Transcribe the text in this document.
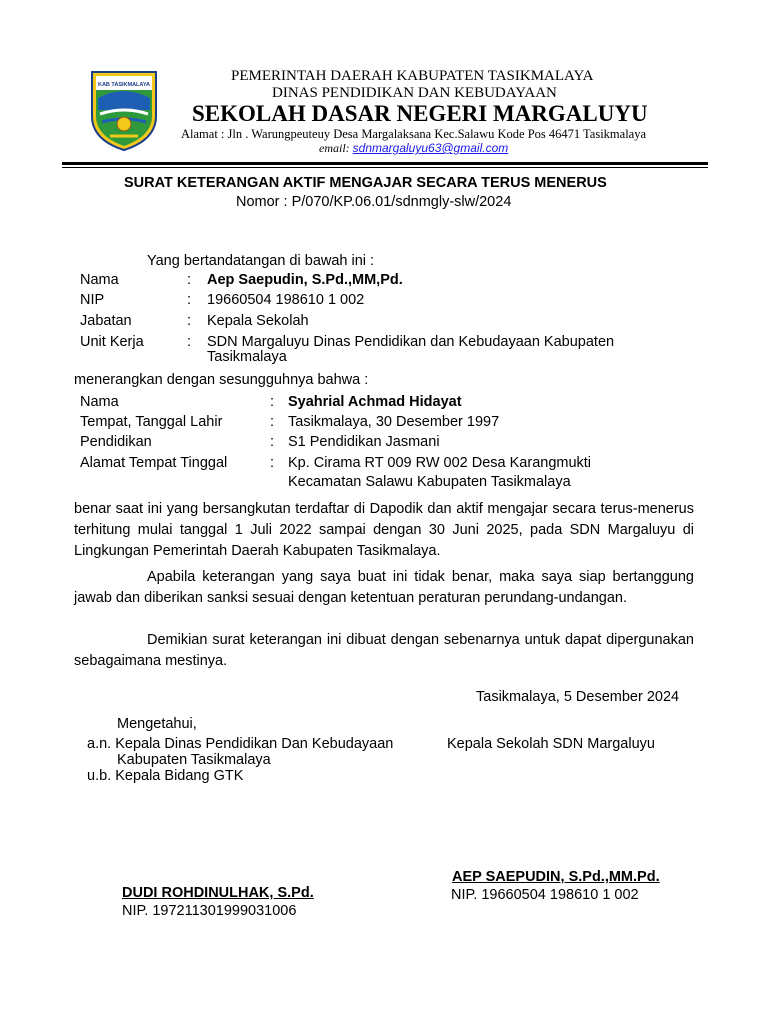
KAB TASIKMALAYA
PEMERINTAH DAERAH KABUPATEN TASIKMALAYA
DINAS PENDIDIKAN DAN KEBUDAYAAN
SEKOLAH DASAR NEGERI MARGALUYU
Alamat : Jln . Warungpeuteuy Desa Margalaksana Kec.Salawu Kode Pos 46471 Tasikmalaya
email: sdnmargaluyu63@gmail.com
SURAT KETERANGAN AKTIF MENGAJAR SECARA TERUS MENERUS
Nomor : P/070/KP.06.01/sdnmgly-slw/2024
Yang bertandatangan di bawah ini :
Nama	: Aep Saepudin, S.Pd.,MM,Pd.
NIP	: 19660504 198610 1 002
Jabatan	: Kepala Sekolah
Unit Kerja	: SDN Margaluyu Dinas Pendidikan dan Kebudayaan Kabupaten
Tasikmalaya
menerangkan dengan sesungguhnya bahwa :
Nama	: Syahrial Achmad Hidayat
Tempat, Tanggal Lahir	: Tasikmalaya, 30 Desember 1997
Pendidikan	: S1 Pendidikan Jasmani
Alamat Tempat Tinggal	: Kp. Cirama RT 009 RW 002 Desa Karangmukti
Kecamatan Salawu Kabupaten Tasikmalaya
benar saat ini yang bersangkutan terdaftar di Dapodik dan aktif mengajar secara terus-menerus terhitung mulai tanggal 1 Juli 2022 sampai dengan 30 Juni 2025, pada SDN Margaluyu di Lingkungan Pemerintah Daerah Kabupaten Tasikmalaya.
Apabila keterangan yang saya buat ini tidak benar, maka saya siap bertanggung jawab dan diberikan sanksi sesuai dengan ketentuan peraturan perundang-undangan.
Demikian surat keterangan ini dibuat dengan sebenarnya untuk dapat dipergunakan sebagaimana mestinya.
Tasikmalaya, 5 Desember 2024
Mengetahui,
a.n. Kepala Dinas Pendidikan Dan Kebudayaan
Kabupaten Tasikmalaya
u.b. Kepala Bidang GTK
DUDI ROHDINULHAK, S.Pd.
NIP. 197211301999031006
Kepala Sekolah SDN Margaluyu
AEP SAEPUDIN, S.Pd.,MM.Pd.
NIP. 19660504 198610 1 002
